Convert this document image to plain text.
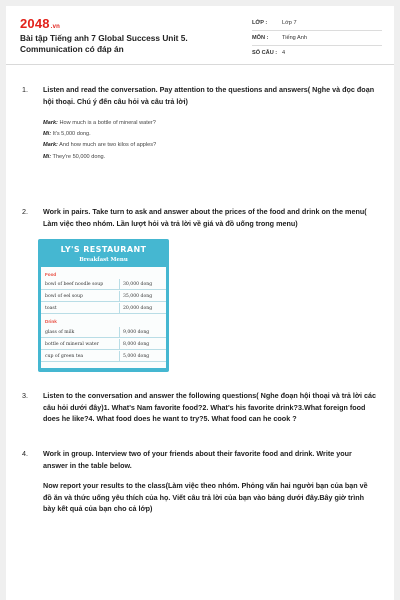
2048.vn
Bài tập Tiếng anh 7 Global Success Unit 5. Communication có đáp án
LỚP :	Lớp 7
MÔN :	Tiếng Anh
SỐ CÂU : 4
1. Listen and read the conversation. Pay attention to the questions and answers( Nghe và đọc đoạn hội thoại. Chú ý đến câu hỏi và câu trả lời)
Mark: How much is a bottle of mineral water?
Mi: It's 5,000 dong.
Mark: And how much are two kilos of apples?
Mi: They're 50,000 dong.
2. Work in pairs. Take turn to ask and answer about the prices of the food and drink on the menu( Làm việc theo nhóm. Lần lượt hỏi và trả lời về giá và đồ uống trong menu)
LY'S RESTAURANT
Breakfast Menu
Food
bowl of beef noodle soup	30,000 dong
bowl of eel soup	35,000 dong
toast	20,000 dong
Drink
glass of milk	9,000 dong
bottle of mineral water	8,000 dong
cup of green tea	5,000 dong
3. Listen to the conversation and answer the following questions( Nghe đoạn hội thoại và trả lời các câu hỏi dưới đây)1. What's Nam favorite food?2. What's his favorite drink?3.What foreign food does he like?4. What food does he want to try?5. What food can he cook ?
4. Work in group. Interview two of your friends about their favorite food and drink. Write your answer in the table below.
Now report your results to the class(Làm việc theo nhóm. Phỏng vấn hai người bạn của bạn về đồ ăn và thức uống yêu thích của họ. Viết câu trả lời của bạn vào bảng dưới đây.Bây giờ trình bày kết quả của bạn cho cả lớp)
